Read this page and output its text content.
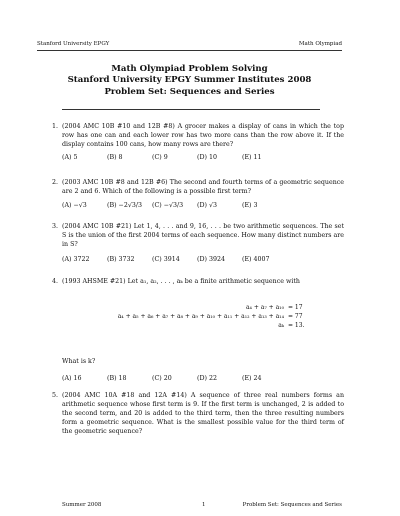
Stanford University EPGY	Math Olympiad
Math Olympiad Problem Solving
Stanford University EPGY Summer Institutes 2008
Problem Set: Sequences and Series
1. (2004 AMC 10B #10 and 12B #8) A grocer makes a display of cans in which the top row has one can and each lower row has two more cans than the row above it. If the display contains 100 cans, how many rows are there?
(A) 5	(B) 8	(C) 9	(D) 10	(E) 11
2. (2003 AMC 10B #8 and 12B #6) The second and fourth terms of a geometric sequence are 2 and 6. Which of the following is a possible first term?
(A) −√3	(B) −2√3/3	(C) −√3/3	(D) √3	(E) 3
3. (2004 AMC 10B #21) Let 1, 4, . . . and 9, 16, . . . be two arithmetic sequences. The set S is the union of the first 2004 terms of each sequence. How many distinct numbers are in S?
(A) 3722	(B) 3732	(C) 3914	(D) 3924	(E) 4007
4. (1993 AHSME #21) Let a₁, a₂, . . . , aₖ be a finite arithmetic sequence with
a₄ + a₇ + a₁₀ = 17
a₄ + a₅ + a₆ + a₇ + a₈ + a₉ + a₁₀ + a₁₁ + a₁₂ + a₁₃ + a₁₄ = 77
aₖ = 13.
What is k?
(A) 16	(B) 18	(C) 20	(D) 22	(E) 24
5. (2004 AMC 10A #18 and 12A #14) A sequence of three real numbers forms an arithmetic sequence whose first term is 9. If the first term is unchanged, 2 is added to the second term, and 20 is added to the third term, then the three resulting numbers form a geometric sequence. What is the smallest possible value for the third term of the geometric sequence?
Summer 2008	1	Problem Set: Sequences and Series
